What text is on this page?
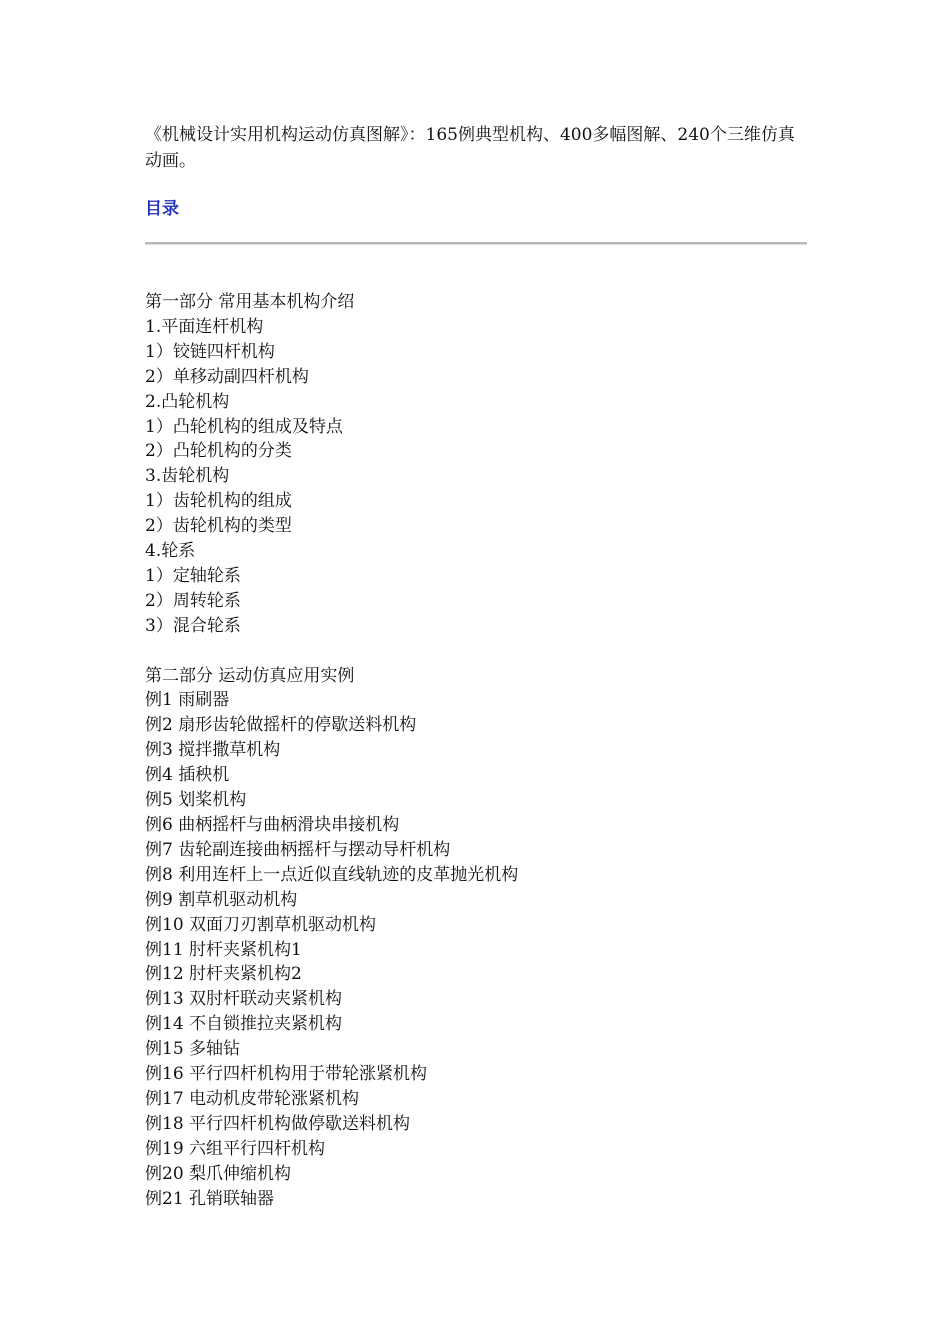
《机械设计实用机构运动仿真图解》：165例典型机构、400多幅图解、240个三维仿真动画。

目录
第一部分 常用基本机构介绍
1.平面连杆机构
1）铰链四杆机构
2）单移动副四杆机构
2.凸轮机构
1）凸轮机构的组成及特点
2）凸轮机构的分类
3.齿轮机构
1）齿轮机构的组成
2）齿轮机构的类型
4.轮系
1）定轴轮系
2）周转轮系
3）混合轮系
第二部分 运动仿真应用实例
例1 雨刷器
例2 扇形齿轮做摇杆的停歇送料机构
例3 搅拌撒草机构
例4 插秧机
例5 划桨机构
例6 曲柄摇杆与曲柄滑块串接机构
例7 齿轮副连接曲柄摇杆与摆动导杆机构
例8 利用连杆上一点近似直线轨迹的皮革抛光机构
例9 割草机驱动机构
例10 双面刀刃割草机驱动机构
例11 肘杆夹紧机构1
例12 肘杆夹紧机构2
例13 双肘杆联动夹紧机构
例14 不自锁推拉夹紧机构
例15 多轴钻
例16 平行四杆机构用于带轮涨紧机构
例17 电动机皮带轮涨紧机构
例18 平行四杆机构做停歇送料机构
例19 六组平行四杆机构
例20 梨爪伸缩机构
例21 孔销联轴器
